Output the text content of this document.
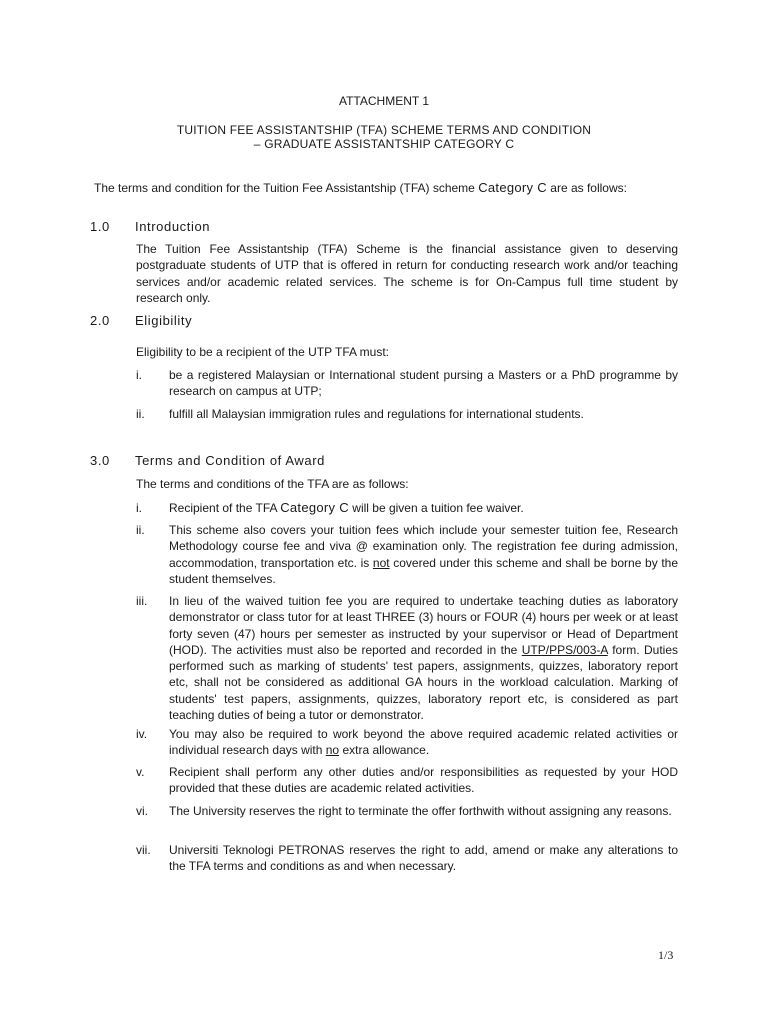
ATTACHMENT 1
TUITION FEE ASSISTANTSHIP (TFA) SCHEME TERMS AND CONDITION
– GRADUATE ASSISTANTSHIP CATEGORY C
The terms and condition for the Tuition Fee Assistantship (TFA) scheme Category C are as follows:
1.0 Introduction
The Tuition Fee Assistantship (TFA) Scheme is the financial assistance given to deserving postgraduate students of UTP that is offered in return for conducting research work and/or teaching services and/or academic related services. The scheme is for On-Campus full time student by research only.
2.0 Eligibility
Eligibility to be a recipient of the UTP TFA must:
i. be a registered Malaysian or International student pursing a Masters or a PhD programme by research on campus at UTP;
ii. fulfill all Malaysian immigration rules and regulations for international students.
3.0 Terms and Condition of Award
The terms and conditions of the TFA are as follows:
i. Recipient of the TFA Category C will be given a tuition fee waiver.
ii. This scheme also covers your tuition fees which include your semester tuition fee, Research Methodology course fee and viva @ examination only. The registration fee during admission, accommodation, transportation etc. is not covered under this scheme and shall be borne by the student themselves.
iii. In lieu of the waived tuition fee you are required to undertake teaching duties as laboratory demonstrator or class tutor for at least THREE (3) hours or FOUR (4) hours per week or at least forty seven (47) hours per semester as instructed by your supervisor or Head of Department (HOD). The activities must also be reported and recorded in the UTP/PPS/003-A form. Duties performed such as marking of students' test papers, assignments, quizzes, laboratory report etc, shall not be considered as additional GA hours in the workload calculation. Marking of students' test papers, assignments, quizzes, laboratory report etc, is considered as part teaching duties of being a tutor or demonstrator.
iv. You may also be required to work beyond the above required academic related activities or individual research days with no extra allowance.
v. Recipient shall perform any other duties and/or responsibilities as requested by your HOD provided that these duties are academic related activities.
vi. The University reserves the right to terminate the offer forthwith without assigning any reasons.
vii. Universiti Teknologi PETRONAS reserves the right to add, amend or make any alterations to the TFA terms and conditions as and when necessary.
1/3
